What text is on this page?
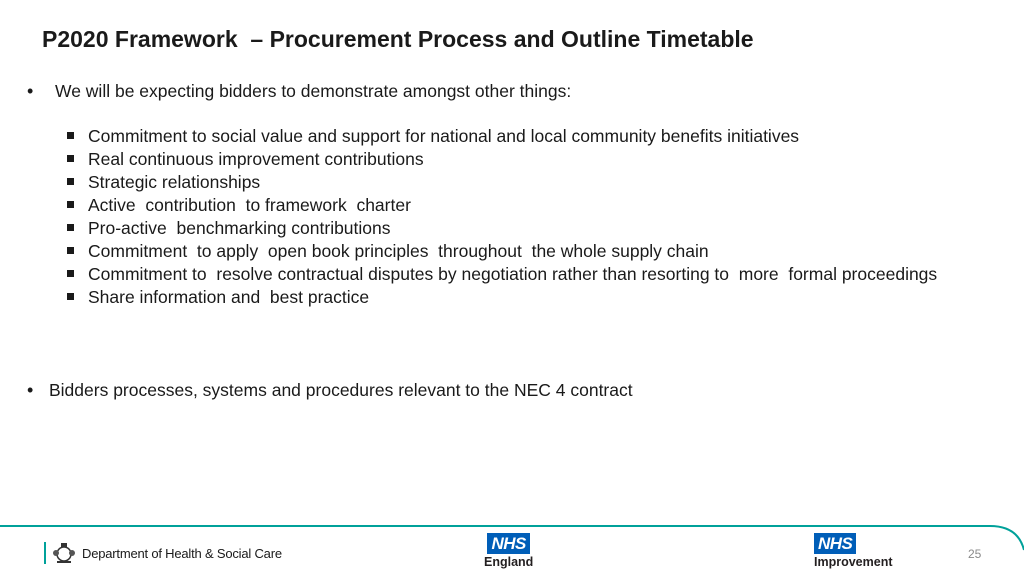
P2020 Framework  – Procurement Process and Outline Timetable
• We will be expecting bidders to demonstrate amongst other things:
Commitment to social value and support for national and local community benefits initiatives
Real continuous improvement contributions
Strategic relationships
Active  contribution  to framework  charter
Pro-active  benchmarking contributions
Commitment  to apply  open book principles  throughout  the whole supply chain
Commitment to  resolve contractual disputes by negotiation rather than resorting to  more  formal proceedings
Share information and  best practice
• Bidders processes, systems and procedures relevant to the NEC 4 contract
Department of Health & Social Care	NHS
England
NHS
Improvement
25
